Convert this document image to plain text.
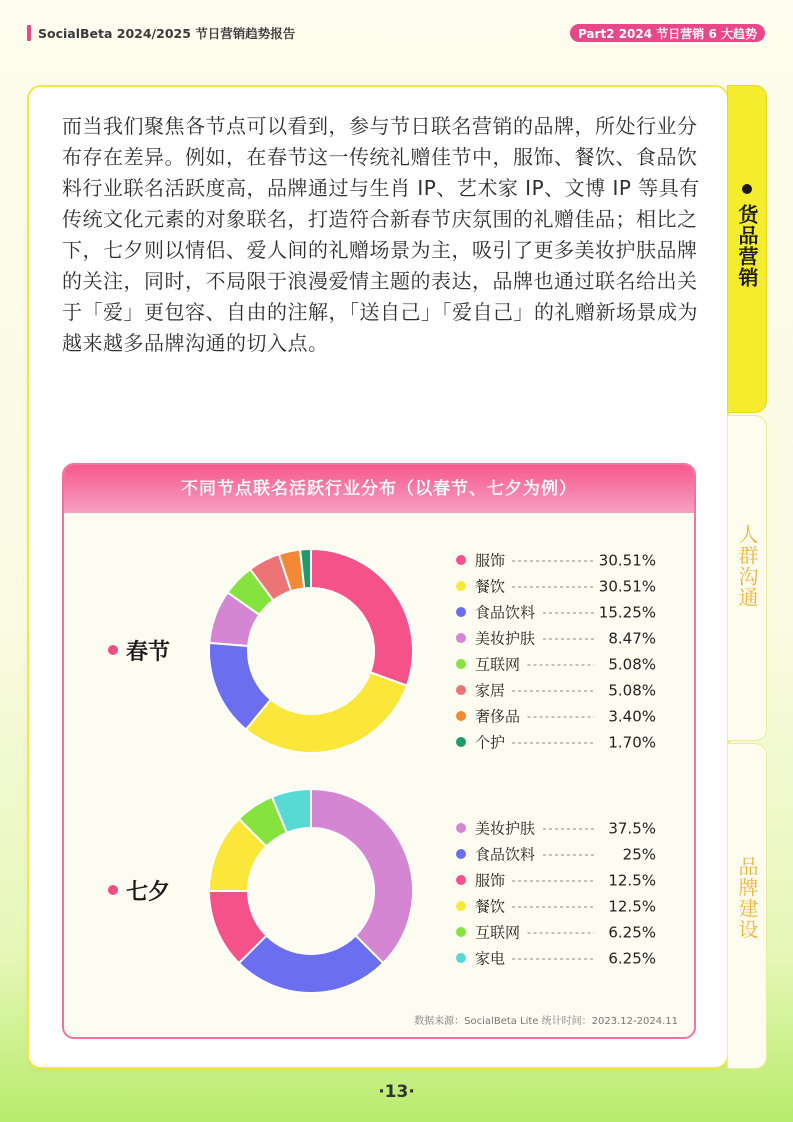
SocialBeta 2024/2025 节日营销趋势报告	Part2 2024 节日营销 6 大趋势

而当我们聚焦各节点可以看到，参与节日联名营销的品牌，所处行业分布存在差异。例如，在春节这一传统礼赠佳节中，服饰、餐饮、食品饮料行业联名活跃度高，品牌通过与生肖 IP、艺术家 IP、文博 IP 等具有传统文化元素的对象联名，打造符合新春节庆氛围的礼赠佳品；相比之下，七夕则以情侣、爱人间的礼赠场景为主，吸引了更多美妆护肤品牌的关注，同时，不局限于浪漫爱情主题的表达，品牌也通过联名给出关于「爱」更包容、自由的注解，「送自己」「爱自己」的礼赠新场景成为越来越多品牌沟通的切入点。

不同节点联名活跃行业分布（以春节、七夕为例）
春节
服饰	30.51%
餐饮	30.51%
食品饮料	15.25%
美妆护肤	8.47%
互联网	5.08%
家居	5.08%
奢侈品	3.40%
个护	1.70%
七夕
美妆护肤	37.5%
食品饮料	25%
服饰	12.5%
餐饮	12.5%
互联网	6.25%
家电	6.25%
数据来源：SocialBeta Lite 统计时间：2023.12-2024.11
货品营销
人群沟通
品牌建设
·13·
